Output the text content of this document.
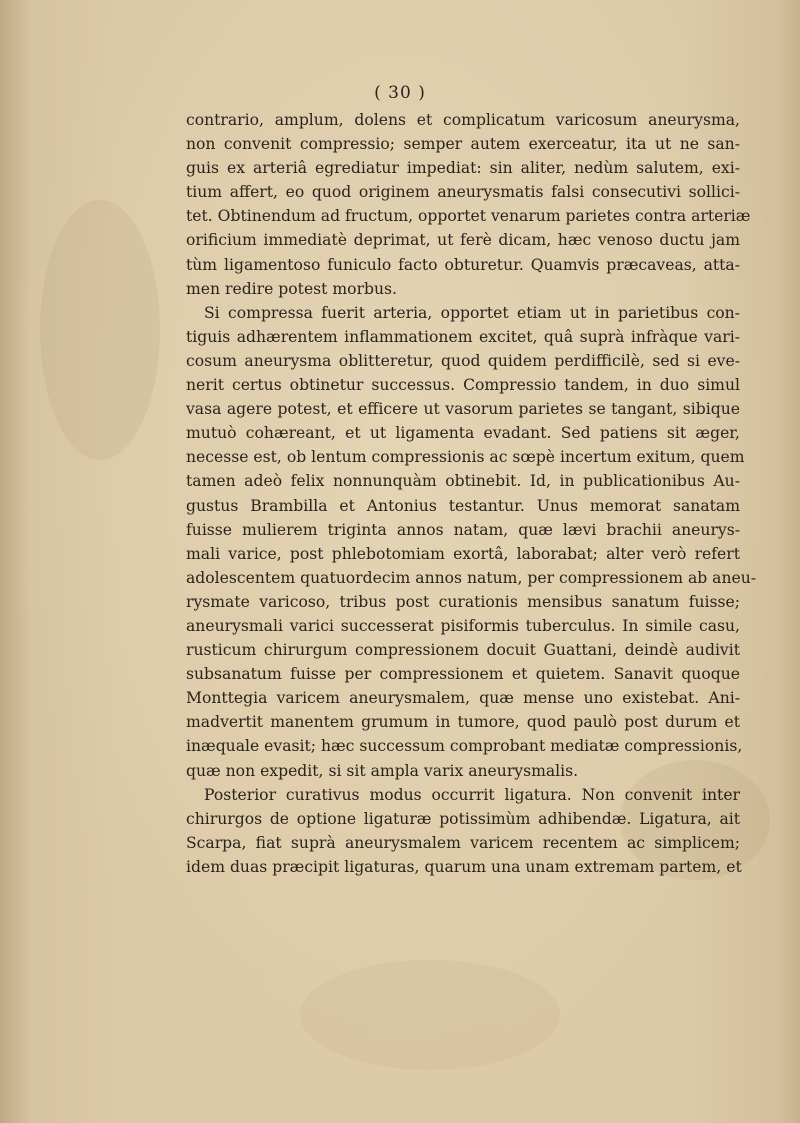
( 30 )
contrario, amplum, dolens et complicatum varicosum aneurysma,
non convenit compressio; semper autem exerceatur, ita ut ne san-
guis ex arteriâ egrediatur impediat: sin aliter, nedùm salutem, exi-
tium affert, eo quod originem aneurysmatis falsi consecutivi sollici-
tet. Obtinendum ad fructum, opportet venarum parietes contra arteriæ
orificium immediatè deprimat, ut ferè dicam, hæc venoso ductu jam
tùm ligamentoso funiculo facto obturetur. Quamvis præcaveas, atta-
men redire potest morbus.
Si compressa fuerit arteria, opportet etiam ut in parietibus con-
tiguis adhærentem inflammationem excitet, quâ suprà infràque vari-
cosum aneurysma oblitteretur, quod quidem perdifficilè, sed si eve-
nerit certus obtinetur successus. Compressio tandem, in duo simul
vasa agere potest, et efficere ut vasorum parietes se tangant, sibique
mutuò cohæreant, et ut ligamenta evadant. Sed patiens sit æger,
necesse est, ob lentum compressionis ac sœpè incertum exitum, quem
tamen adeò felix nonnunquàm obtinebit. Id, in publicationibus Au-
gustus Brambilla et Antonius testantur. Unus memorat sanatam
fuisse mulierem triginta annos natam, quæ lævi brachii aneurys-
mali varice, post phlebotomiam exortâ, laborabat; alter verò refert
adolescentem quatuordecim annos natum, per compressionem ab aneu-
rysmate varicoso, tribus post curationis mensibus sanatum fuisse;
aneurysmali varici successerat pisiformis tuberculus. In simile casu,
rusticum chirurgum compressionem docuit Guattani, deindè audivit
subsanatum fuisse per compressionem et quietem. Sanavit quoque
Monttegia varicem aneurysmalem, quæ mense uno existebat. Ani-
madvertit manentem grumum in tumore, quod paulò post durum et
inæquale evasit; hæc successum comprobant mediatæ compressionis,
quæ non expedit, si sit ampla varix aneurysmalis.
Posterior curativus modus occurrit ligatura. Non convenit inter
chirurgos de optione ligaturæ potissimùm adhibendæ. Ligatura, ait
Scarpa, fiat suprà aneurysmalem varicem recentem ac simplicem;
idem duas præcipit ligaturas, quarum una unam extremam partem, et
